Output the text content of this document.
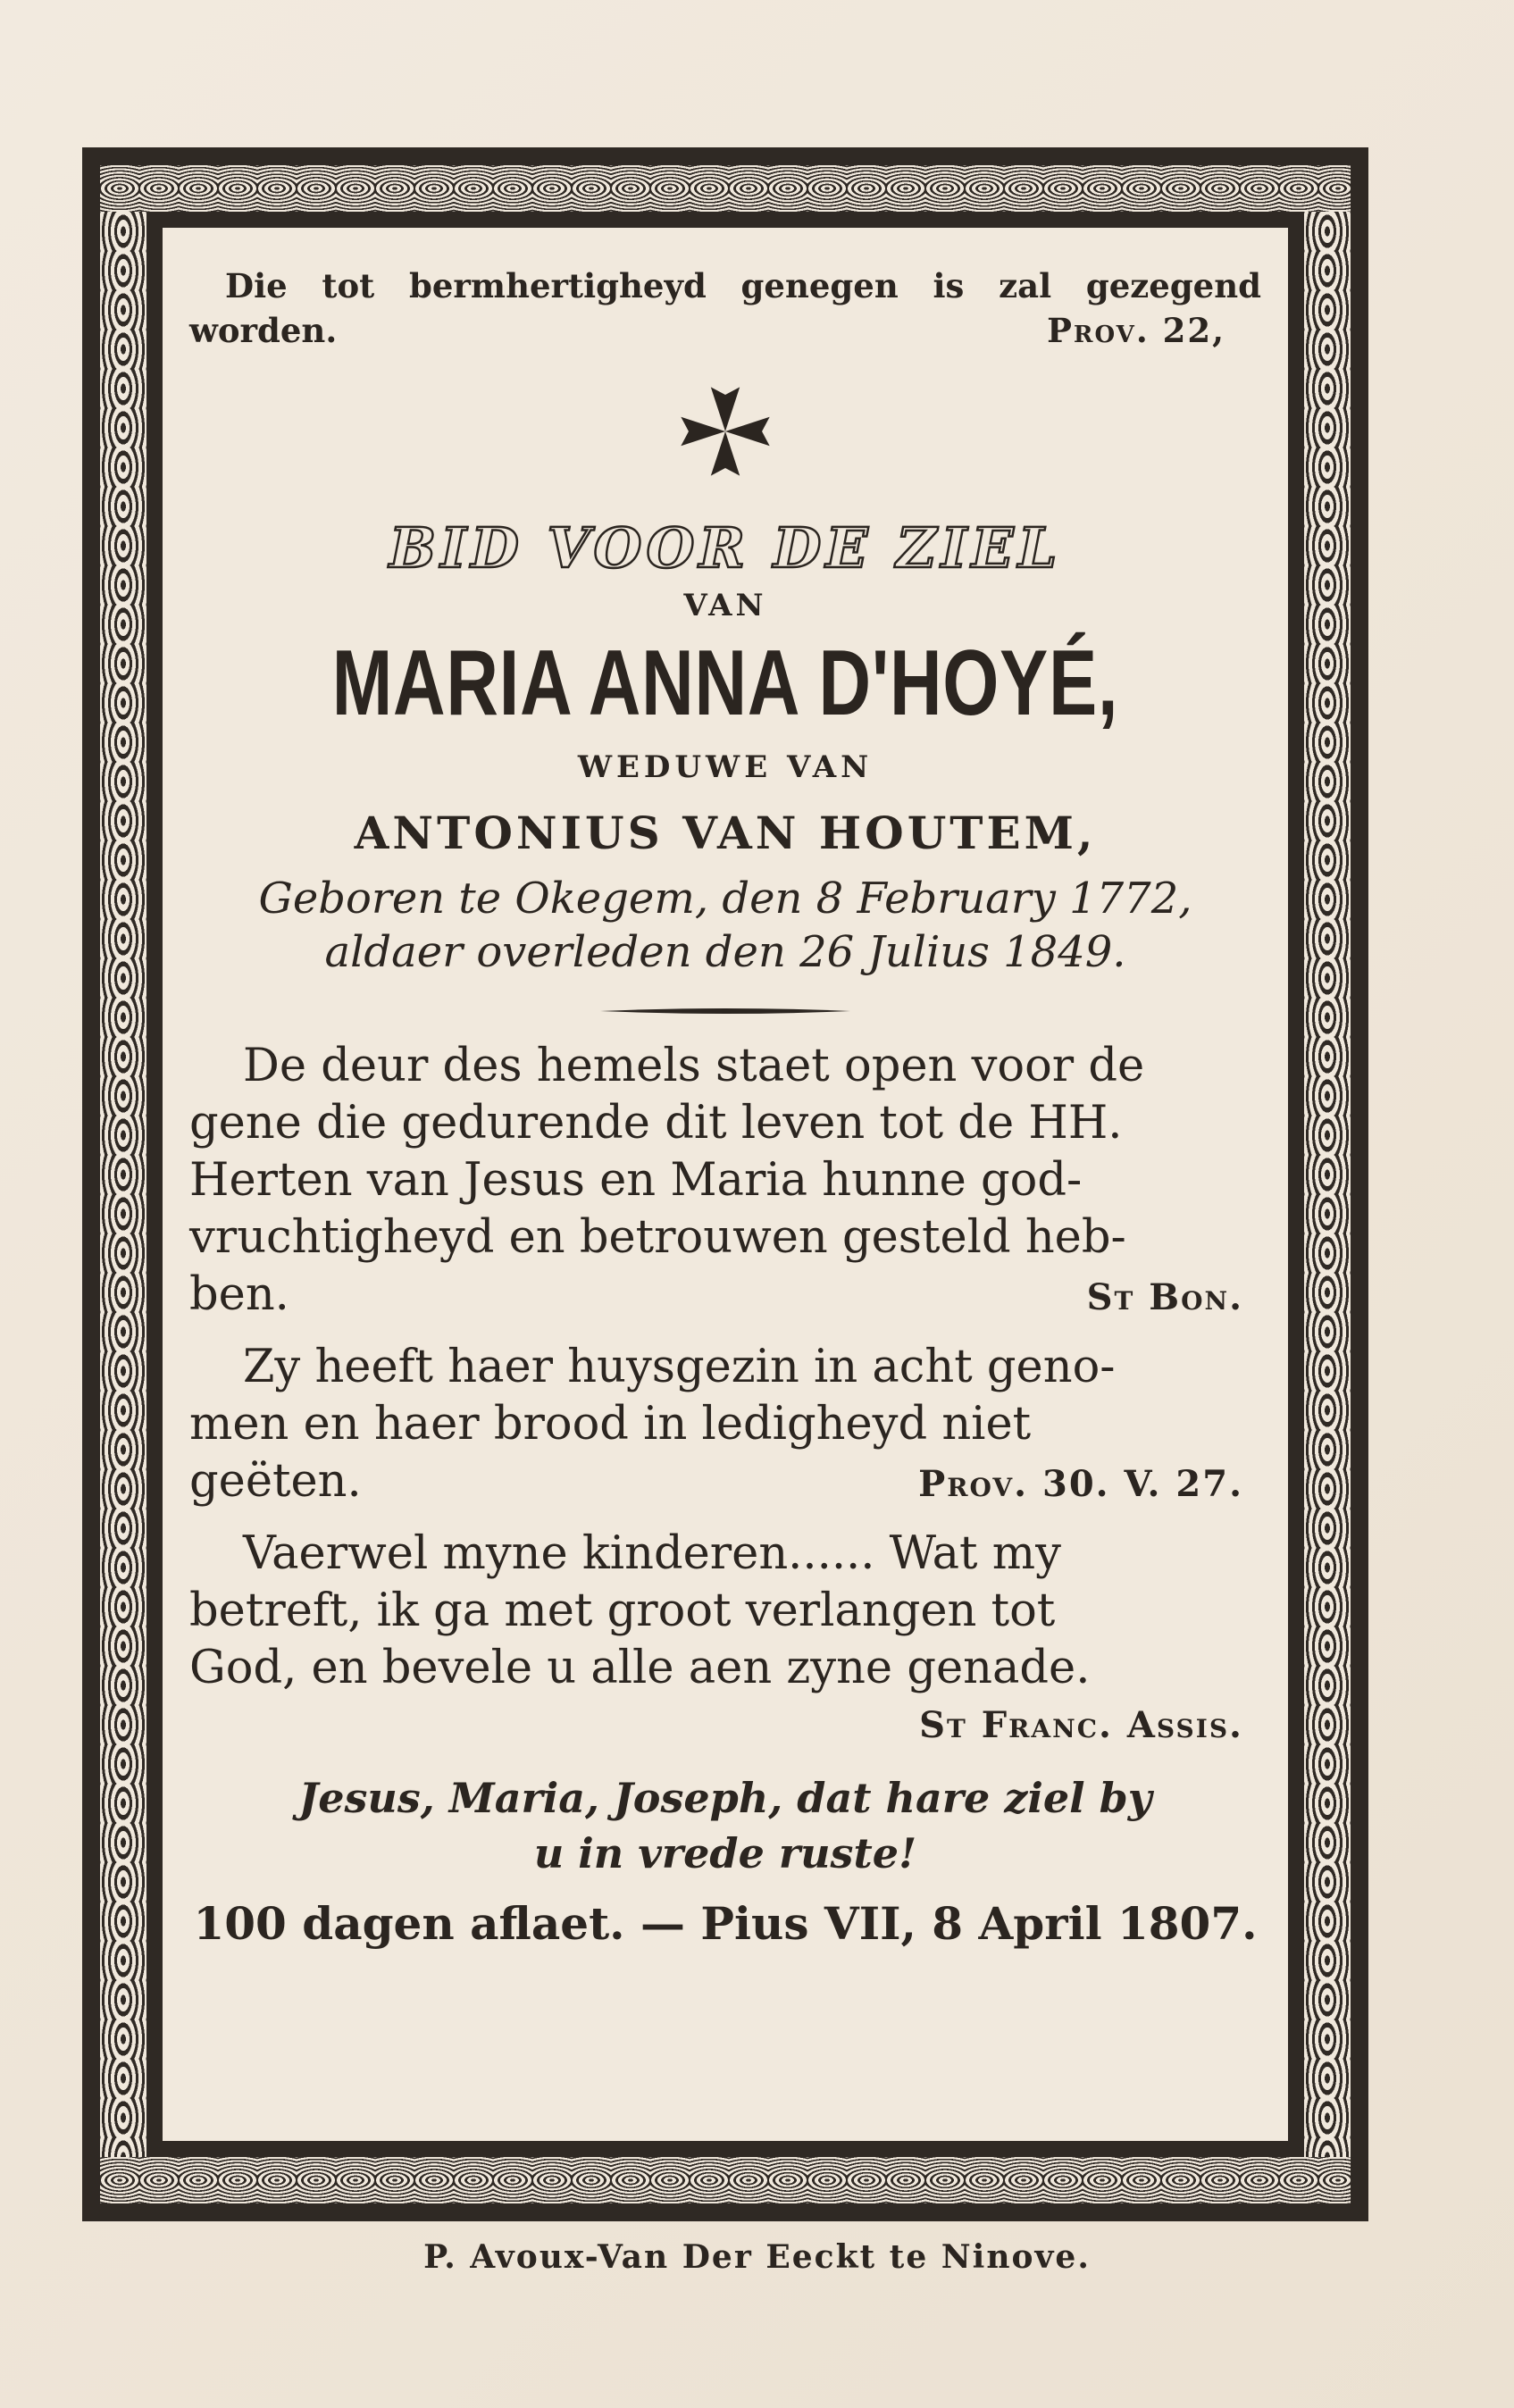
Die tot bermhertigheyd genegen is zal gezegend
worden.	Prov. 22,
BID VOOR DE ZIEL
VAN
MARIA ANNA D'HOYÉ,
WEDUWE VAN
ANTONIUS VAN HOUTEM,
Geboren te Okegem, den 8 February 1772,
aldaer overleden den 26 Julius 1849.
De deur des hemels staet open voor de
gene die gedurende dit leven tot de HH.
Herten van Jesus en Maria hunne god-
vruchtigheyd en betrouwen gesteld heb-
ben.	St Bon.
Zy heeft haer huysgezin in acht geno-
men en haer brood in ledigheyd niet
geëten.	Prov. 30. V. 27.
Vaerwel myne kinderen...... Wat my
betreft, ik ga met groot verlangen tot
God, en bevele u alle aen zyne genade.
St Franc. Assis.
Jesus, Maria, Joseph, dat hare ziel by
u in vrede ruste!
100 dagen aflaet. — Pius VII, 8 April 1807.
P. Avoux-Van Der Eeckt te Ninove.
